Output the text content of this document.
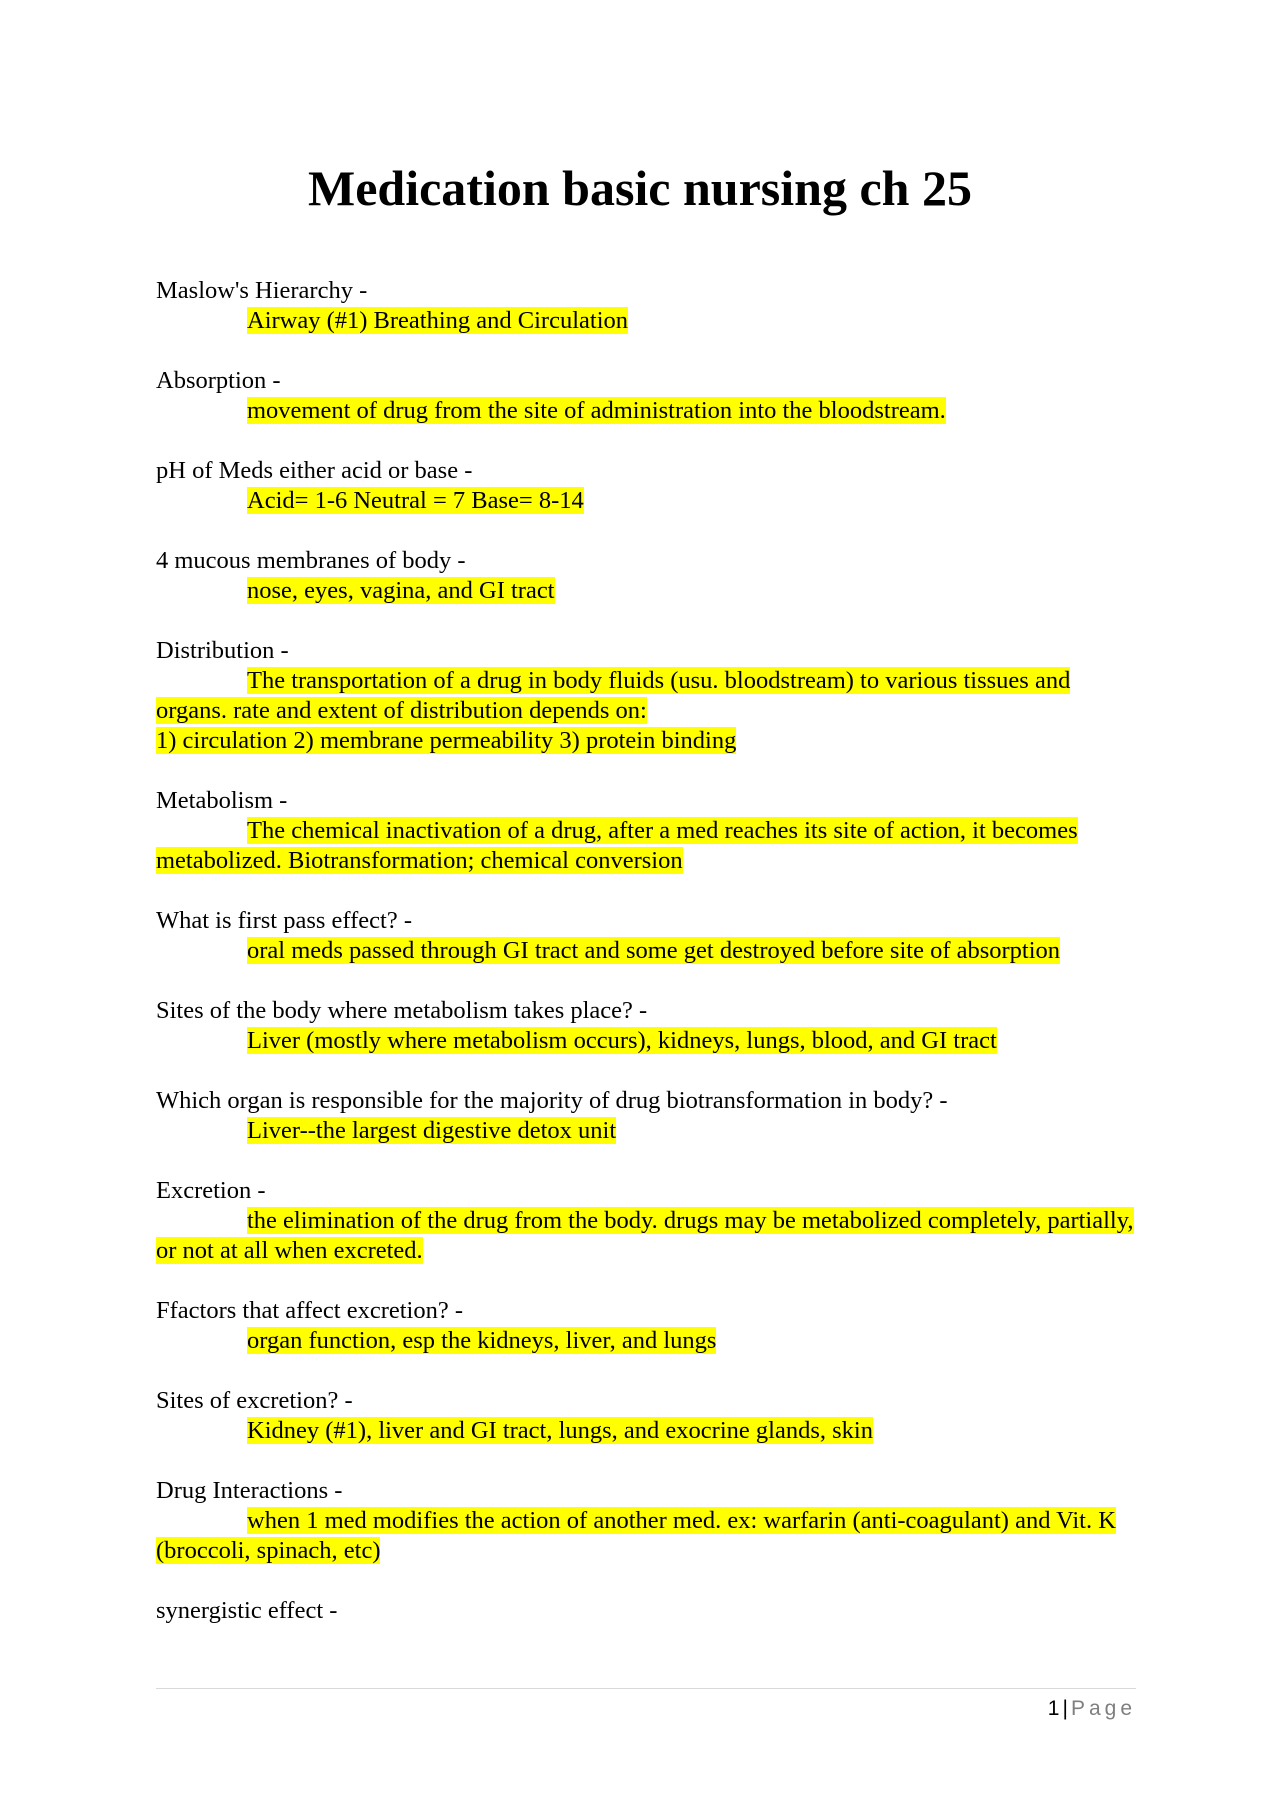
Medication basic nursing ch 25
Maslow's Hierarchy -
Airway (#1) Breathing and Circulation
Absorption -
movement of drug from the site of administration into the bloodstream.
pH of Meds either acid or base -
Acid= 1-6 Neutral = 7 Base= 8-14
4 mucous membranes of body -
nose, eyes, vagina, and GI tract
Distribution -
The transportation of a drug in body fluids (usu. bloodstream) to various tissues and organs. rate and extent of distribution depends on:
1) circulation 2) membrane permeability 3) protein binding
Metabolism -
The chemical inactivation of a drug, after a med reaches its site of action, it becomes metabolized. Biotransformation; chemical conversion
What is first pass effect? -
oral meds passed through GI tract and some get destroyed before site of absorption
Sites of the body where metabolism takes place? -
Liver (mostly where metabolism occurs), kidneys, lungs, blood, and GI tract
Which organ is responsible for the majority of drug biotransformation in body? -
Liver--the largest digestive detox unit
Excretion -
the elimination of the drug from the body. drugs may be metabolized completely, partially, or not at all when excreted.
Ffactors that affect excretion? -
organ function, esp the kidneys, liver, and lungs
Sites of excretion? -
Kidney (#1), liver and GI tract, lungs, and exocrine glands, skin
Drug Interactions -
when 1 med modifies the action of another med. ex: warfarin (anti-coagulant) and Vit. K (broccoli, spinach, etc)
synergistic effect -
1 | Page
